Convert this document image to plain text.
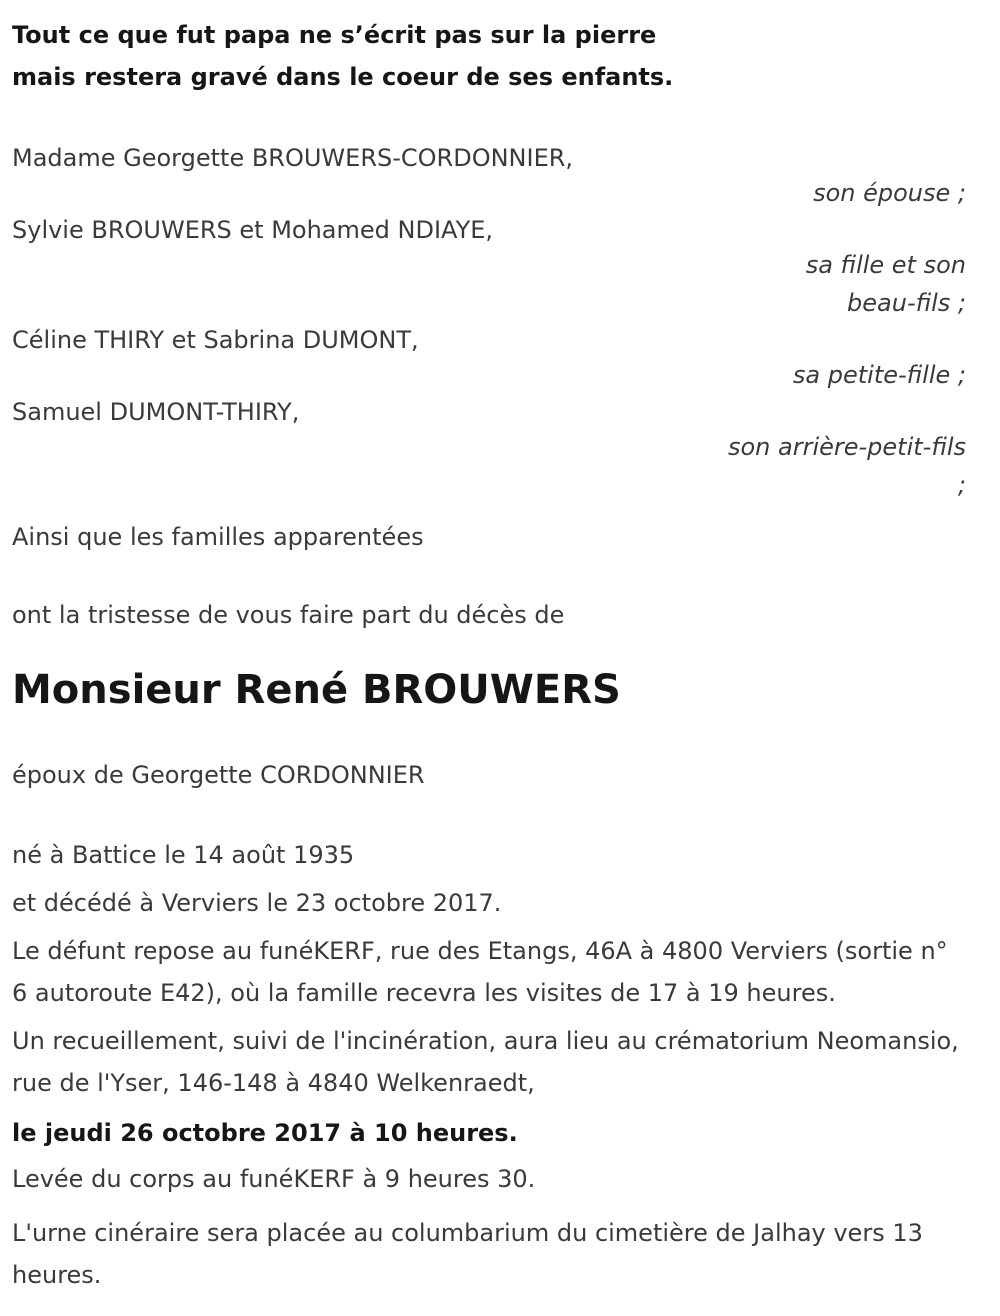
Tout ce que fut papa ne s’écrit pas sur la pierre
mais restera gravé dans le coeur de ses enfants.

Madame Georgette BROUWERS-CORDONNIER,

son épouse ;

Sylvie BROUWERS et Mohamed NDIAYE,

sa fille et son
beau-fils ;

Céline THIRY et Sabrina DUMONT,

sa petite-fille ;

Samuel DUMONT-THIRY,

son arrière-petit-fils
;

Ainsi que les familles apparentées

ont la tristesse de vous faire part du décès de

Monsieur René BROUWERS

époux de Georgette CORDONNIER

né à Battice le 14 août 1935

et décédé à Verviers le 23 octobre 2017.

Le défunt repose au funéKERF, rue des Etangs, 46A à 4800 Verviers (sortie n° 6 autoroute E42), où la famille recevra les visites de 17 à 19 heures.

Un recueillement, suivi de l'incinération, aura lieu au crématorium Neomansio, rue de l'Yser, 146-148 à 4840 Welkenraedt,

le jeudi 26 octobre 2017 à 10 heures.

Levée du corps au funéKERF à 9 heures 30.

L'urne cinéraire sera placée au columbarium du cimetière de Jalhay vers 13 heures.
